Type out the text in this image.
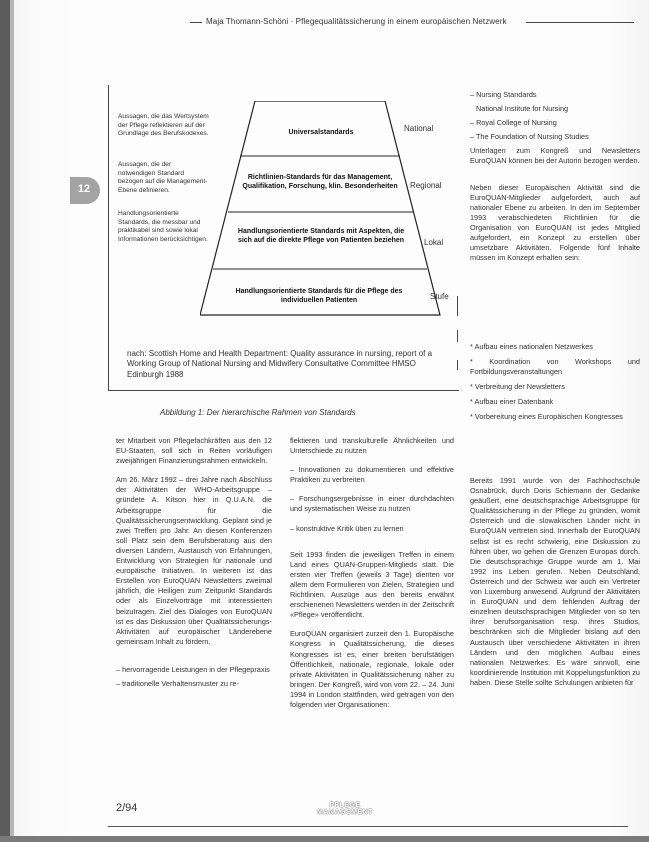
Maja Thomann-Schöni · Pflegequalitätssicherung in einem europäischen Netzwerk
12
Universalstandards
Richtlinien-Standards für das Management, Qualifikation, Forschung, klin. Besonderheiten
Handlungsorientierte Standards mit Aspekten, die sich auf die direkte Pflege von Patienten beziehen
Handlungsorientierte Standards für die Pflege des individuellen Patienten
National
Regional
Lokal
Stufe
Aussagen, die das Wertsystem der Pflege reflektieren auf der Grundlage des Berufskodexes.
Aussagen, die der notwendigen Standard bezogen auf die Management-Ebene definieren.
Handlungsorientierte Standards, die messbar und praktikabel sind sowie lokal Informationen berücksichtigen.
nach: Scottish Home and Health Department: Quality assurance in nursing, report of a Working Group of National Nursing and Midwifery Consultative Committee HMSO Edinburgh 1988
Abbildung 1: Der hierarchische Rahmen von Standards

ter Mitarbeit von Pflegefachkräften aus den 12 EU-Staaten, soll sich in Reiten vorläufigen zweijährigen Finanzierungsrahmen entwickeln.

Am 26. März 1992 – drei Jahre nach Abschluss der Aktivitäten der WHO-Arbeitsgruppe – gründete A. Kitson hier in Q.U.A.N. die Arbeitsgruppe für die Qualitätssicherungsentwicklung. Geplant sind je zwei Treffen pro Jahr. An diesen Konferenzen soll Platz sein dem Berufsberatung aus den diversen Ländern, Austausch von Erfahrungen, Entwicklung von Strategien für nationale und europäische Initiativen. In weiteren ist das Erstellen von EuroQUAN Newsletters zweimal jährlich, die Heiligen zum Zeitpunkt Standards oder als Einzelvorträge mit interessierten beizutragen. Ziel des Dialoges von EuroQUAN ist es das Diskussion über Qualitätssicherungs-Aktivitäten auf europäischer Länderebene gemeinsam Inhalt zu fördern.

– hervorragende Leistungen in der Pflegepraxis

– traditionelle Verhaltensmuster zu re-

flektieren und transkulturelle Ähnlichkeiten und Unterschiede zu nutzen

– Innovationen zu dokumentieren und effektive Praktiken zu verbreiten

– Forschungsergebnisse in einer durchdachten und systematischen Weise zu nutzen

– konstruktive Kritik üben zu lernen

Seit 1993 finden die jeweiligen Treffen in einem Land eines QUAN-Gruppen-Mitglieds statt. Die ersten vier Treffen (jeweils 3 Tage) dienten vor allem dem Formulieren von Zielen, Strategien und Richtlinien. Auszüge aus den bereits erwähnt erschienenen Newsletters werden in der Zeitschrift «Pflege» veröffentlicht.

EuroQUAN organisiert zurzeit den 1. Europäische Kongress in Qualitätssicherung, die dieses Kongresses ist es, einer breiten berufstätigen Öffentlichkeit, nationale, regionale, lokale oder private Aktivitäten in Qualitätssicherung näher zu bringen. Der Kongreß, wird von vom 22. – 24. Juni 1994 in London stattfinden, wird getragen von den folgenden vier Organisationen:

– Nursing Standards
National Institute for Nursing
– Royal College of Nursing
– The Foundation of Nursing Studies
Unterlagen zum Kongreß und Newsletters EuroQUAN können bei der Autorin bezogen werden.
Neben dieser Europäischen Aktivität sind die EuroQUAN-Mitglieder aufgefordert, auch auf nationaler Ebene zu arbeiten. In den im September 1993 verabschiedeten Richtlinien für die Organisation von EuroQUAN ist jedes Mitglied aufgefordert, ein Konzept zu erstellen über umsetzbare Aktivitäten. Folgende fünf Inhalte müssen im Konzept erhalten sein:
* Aufbau eines nationalen Netzwerkes
* Koordination von Workshops und Fortbildungsveranstaltungen
* Verbreitung der Newsletters
* Aufbau einer Datenbank
* Vorbereitung eines Europäischen Kongresses

Bereits 1991 wurde von der Fachhochschule Osnabrück, durch Doris Schiemann der Gedanke geäußert, eine deutschsprachige Arbeitsgruppe für Qualitätssicherung in der Pflege zu gründen, womit Österreich und die slowakischen Länder nicht in EuroQUAN vertreten sind. Innerhalb der EuroQUAN selbst ist es recht schwierig, eine Diskussion zu führen über, wo gehen die Grenzen Europas durch. Die deutschsprachige Gruppe wurde am 1. Mai 1992 ins Leben gerufen. Neben Deutschland, Österreich und der Schweiz war auch ein Vertreter von Luxemburg anwesend. Aufgrund der Aktivitäten in EuroQUAN und dem fehlenden Auftrag der einzelnen deutschsprachigen Mitglieder von so ten ihrer berufsorganisation resp. ihres Studios, beschränken sich die Mitglieder bislang auf den Austausch über verschiedene Aktivitäten in ihren Ländern und den möglichen Aufbau eines nationalen Netzwerkes. Es wäre sinnvoll, eine koordinierende Institution mit Koppelungsfunktion zu haben. Diese Stelle sollte Schulungen anbieten für

2/94	PFLEGE
MANAGEMENT
